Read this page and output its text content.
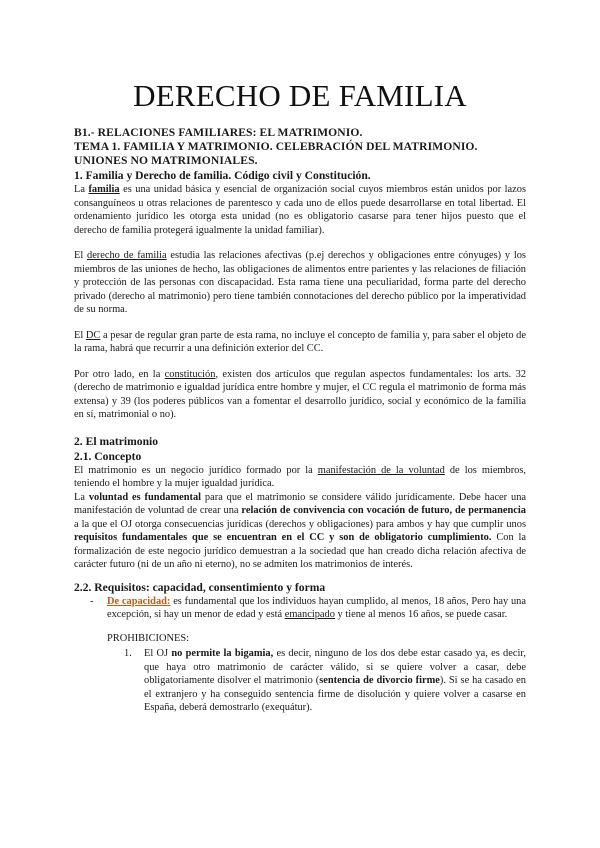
DERECHO DE FAMILIA
B1.- RELACIONES FAMILIARES: EL MATRIMONIO.
TEMA 1. FAMILIA Y MATRIMONIO. CELEBRACIÓN DEL MATRIMONIO. UNIONES NO MATRIMONIALES.
1. Familia y Derecho de familia. Código civil y Constitución.

La familia es una unidad básica y esencial de organización social cuyos miembros están unidos por lazos consanguíneos u otras relaciones de parentesco y cada uno de ellos puede desarrollarse en total libertad. El ordenamiento jurídico les otorga esta unidad (no es obligatorio casarse para tener hijos puesto que el derecho de familia protegerá igualmente la unidad familiar).

El derecho de familia estudia las relaciones afectivas (p.ej derechos y obligaciones entre cónyuges) y los miembros de las uniones de hecho, las obligaciones de alimentos entre parientes y las relaciones de filiación y protección de las personas con discapacidad. Esta rama tiene una peculiaridad, forma parte del derecho privado (derecho al matrimonio) pero tiene también connotaciones del derecho público por la imperatividad de su norma.

El DC a pesar de regular gran parte de esta rama, no incluye el concepto de familia y, para saber el objeto de la rama, habrá que recurrir a una definición exterior del CC.

Por otro lado, en la constitución, existen dos artículos que regulan aspectos fundamentales: los arts. 32 (derecho de matrimonio e igualdad jurídica entre hombre y mujer, el CC regula el matrimonio de forma más extensa) y 39 (los poderes públicos van a fomentar el desarrollo jurídico, social y económico de la familia en sí, matrimonial o no).

2. El matrimonio
2.1. Concepto

El matrimonio es un negocio jurídico formado por la manifestación de la voluntad de los miembros, teniendo el hombre y la mujer igualdad jurídica.

La voluntad es fundamental para que el matrimonio se considere válido jurídicamente. Debe hacer una manifestación de voluntad de crear una relación de convivencia con vocación de futuro, de permanencia a la que el OJ otorga consecuencias jurídicas (derechos y obligaciones) para ambos y hay que cumplir unos requisitos fundamentales que se encuentran en el CC y son de obligatorio cumplimiento. Con la formalización de este negocio jurídico demuestran a la sociedad que han creado dicha relación afectiva de carácter futuro (ni de un año ni eterno), no se admiten los matrimonios de interés.

2.2. Requisitos: capacidad, consentimiento y forma
- De capacidad: es fundamental que los individuos hayan cumplido, al menos, 18 años, Pero hay una excepción, si hay un menor de edad y está emancipado y tiene al menos 16 años, se puede casar.
PROHIBICIONES:
1. El OJ no permite la bigamia, es decir, ninguno de los dos debe estar casado ya, es decir, que haya otro matrimonio de carácter válido, si se quiere volver a casar, debe obligatoriamente disolver el matrimonio (sentencia de divorcio firme). Si se ha casado en el extranjero y ha conseguido sentencia firme de disolución y quiere volver a casarse en España, deberá demostrarlo (exequátur).
